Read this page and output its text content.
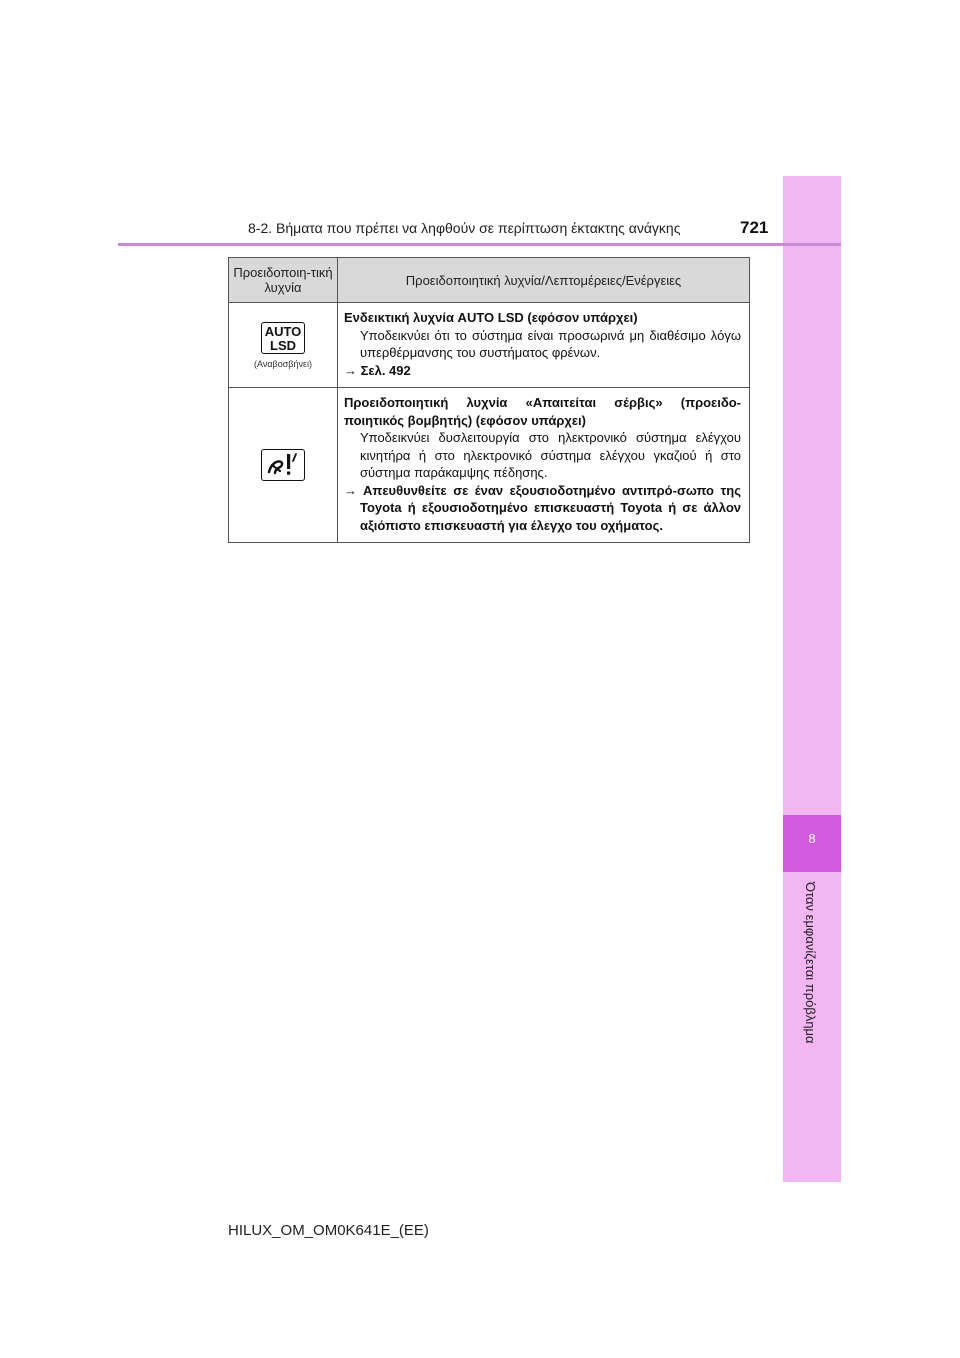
8
Όταν εμφανίζεται πρόβλημα
8-2. Βήματα που πρέπει να ληφθούν σε περίπτωση έκτακτης ανάγκης	721
Προειδοποιη-τική λυχνία	Προειδοποιητική λυχνία/Λεπτομέρειες/Ενέργειες
AUTO
LSD
(Αναβοσβήνει)	Ενδεικτική λυχνία AUTO LSD (εφόσον υπάρχει)
Υποδεικνύει ότι το σύστημα είναι προσωρινά μη διαθέσιμο λόγω υπερθέρμανσης του συστήματος φρένων.
→ Σελ. 492

Προειδοποιητική λυχνία «Απαιτείται σέρβις» (προειδο-ποιητικός βομβητής) (εφόσον υπάρχει)
Υποδεικνύει δυσλειτουργία στο ηλεκτρονικό σύστημα ελέγχου κινητήρα ή στο ηλεκτρονικό σύστημα ελέγχου γκαζιού ή στο σύστημα παράκαμψης πέδησης.
→ Απευθυνθείτε σε έναν εξουσιοδοτημένο αντιπρό-σωπο της Toyota ή εξουσιοδοτημένο επισκευαστή Toyota ή σε άλλον αξιόπιστο επισκευαστή για έλεγχο του οχήματος.
HILUX_OM_OM0K641E_(EE)
